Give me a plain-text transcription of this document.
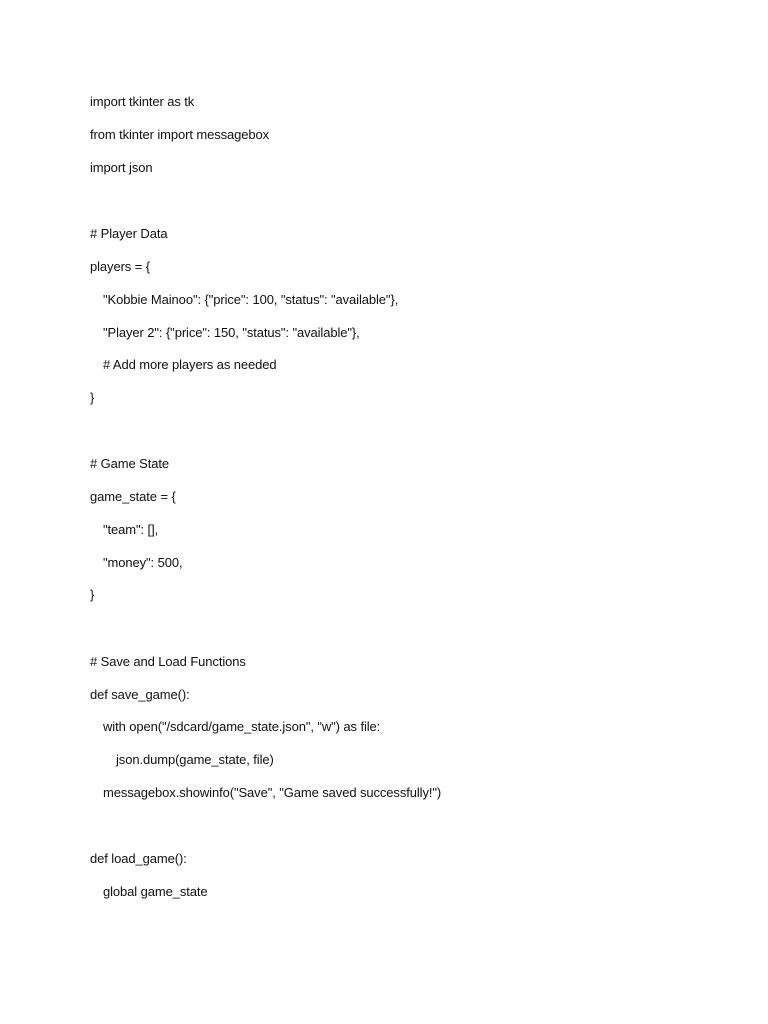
import tkinter as tk
from tkinter import messagebox
import json
# Player Data
players = {
"Kobbie Mainoo": {"price": 100, "status": "available"},
"Player 2": {"price": 150, "status": "available"},
# Add more players as needed
}
# Game State
game_state = {
"team": [],
"money": 500,
}
# Save and Load Functions
def save_game():
with open("/sdcard/game_state.json", "w") as file:
json.dump(game_state, file)
messagebox.showinfo("Save", "Game saved successfully!")
def load_game():
global game_state
